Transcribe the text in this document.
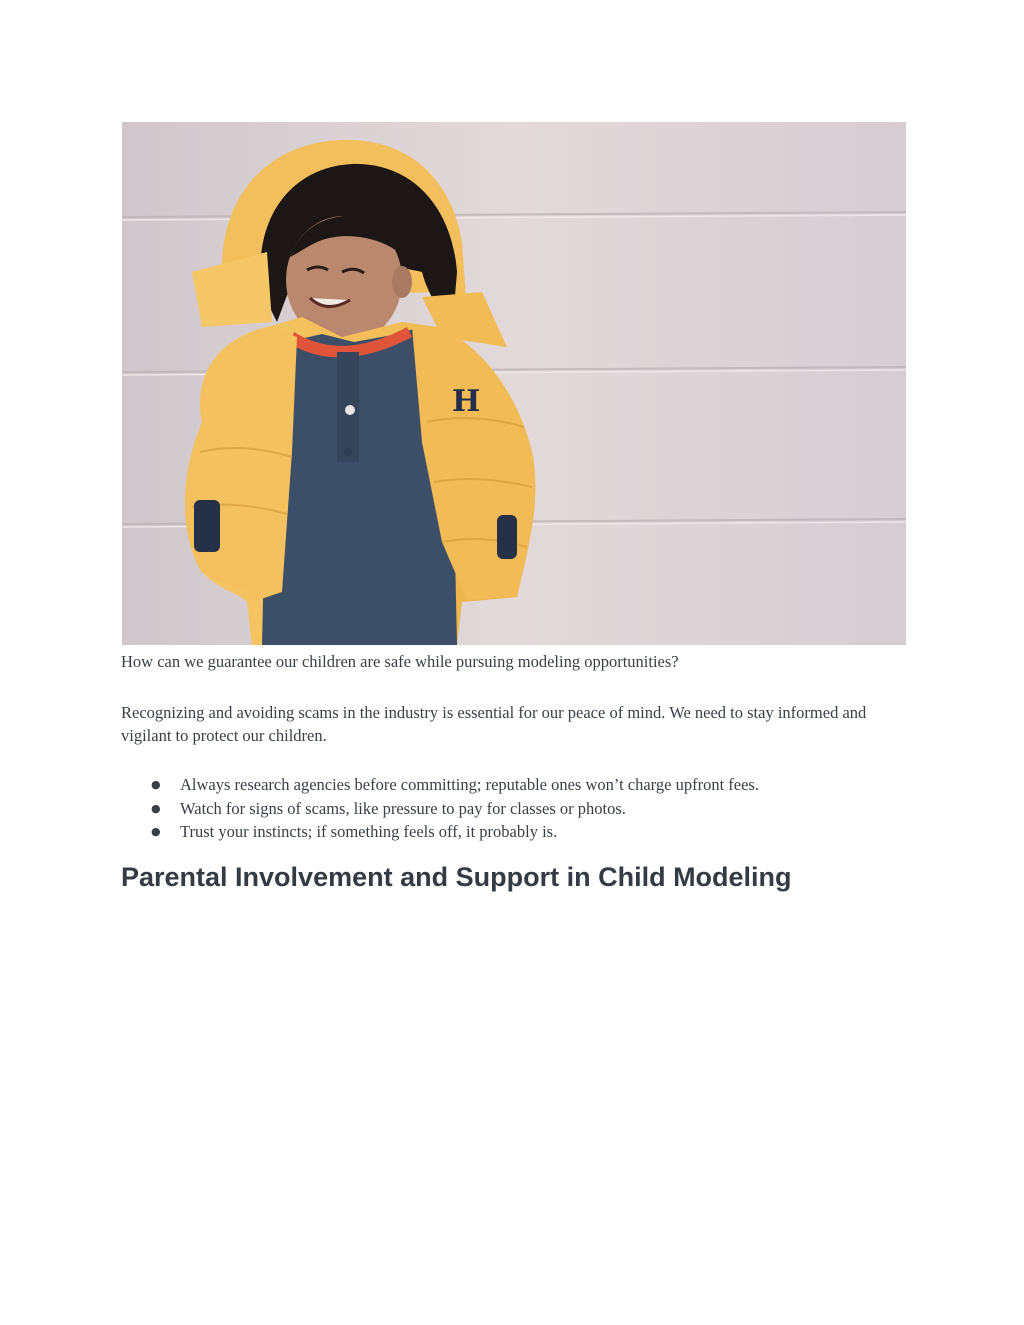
H

How can we guarantee our children are safe while pursuing modeling opportunities?

Recognizing and avoiding scams in the industry is essential for our peace of mind. We need to stay informed and vigilant to protect our children.

● Always research agencies before committing; reputable ones won’t charge upfront fees.
● Watch for signs of scams, like pressure to pay for classes or photos.
● Trust your instincts; if something feels off, it probably is.
Parental Involvement and Support in Child Modeling
